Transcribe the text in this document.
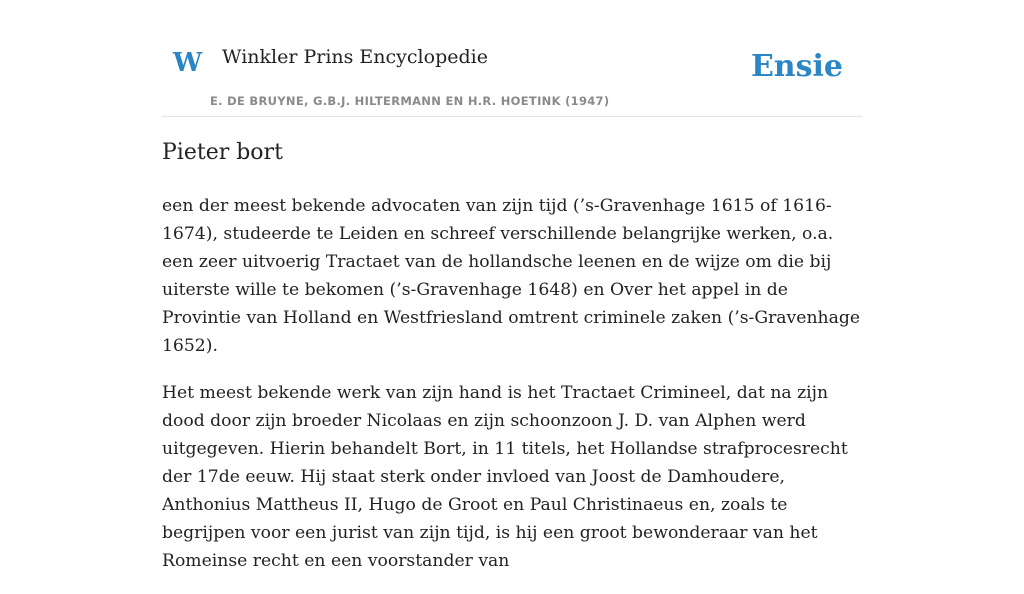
W Winkler Prins Encyclopedie
E. DE BRUYNE, G.B.J. HILTERMANN EN H.R. HOETINK (1947)
Ensie
Pieter bort

een der meest bekende advocaten van zijn tijd (’s-Gravenhage 1615 of 1616-1674), studeerde te Leiden en schreef verschillende belangrijke werken, o.a. een zeer uitvoerig Tractaet van de hollandsche leenen en de wijze om die bij uiterste wille te bekomen (’s-Gravenhage 1648) en Over het appel in de Provintie van Holland en Westfriesland omtrent criminele zaken (’s-Gravenhage 1652).

Het meest bekende werk van zijn hand is het Tractaet Crimineel, dat na zijn dood door zijn broeder Nicolaas en zijn schoonzoon J. D. van Alphen werd uitgegeven. Hierin behandelt Bort, in 11 titels, het Hollandse strafprocesrecht der 17de eeuw. Hij staat sterk onder invloed van Joost de Damhoudere, Anthonius Mattheus II, Hugo de Groot en Paul Christinaeus en, zoals te begrijpen voor een jurist van zijn tijd, is hij een groot bewonderaar van het Romeinse recht en een voorstander van
